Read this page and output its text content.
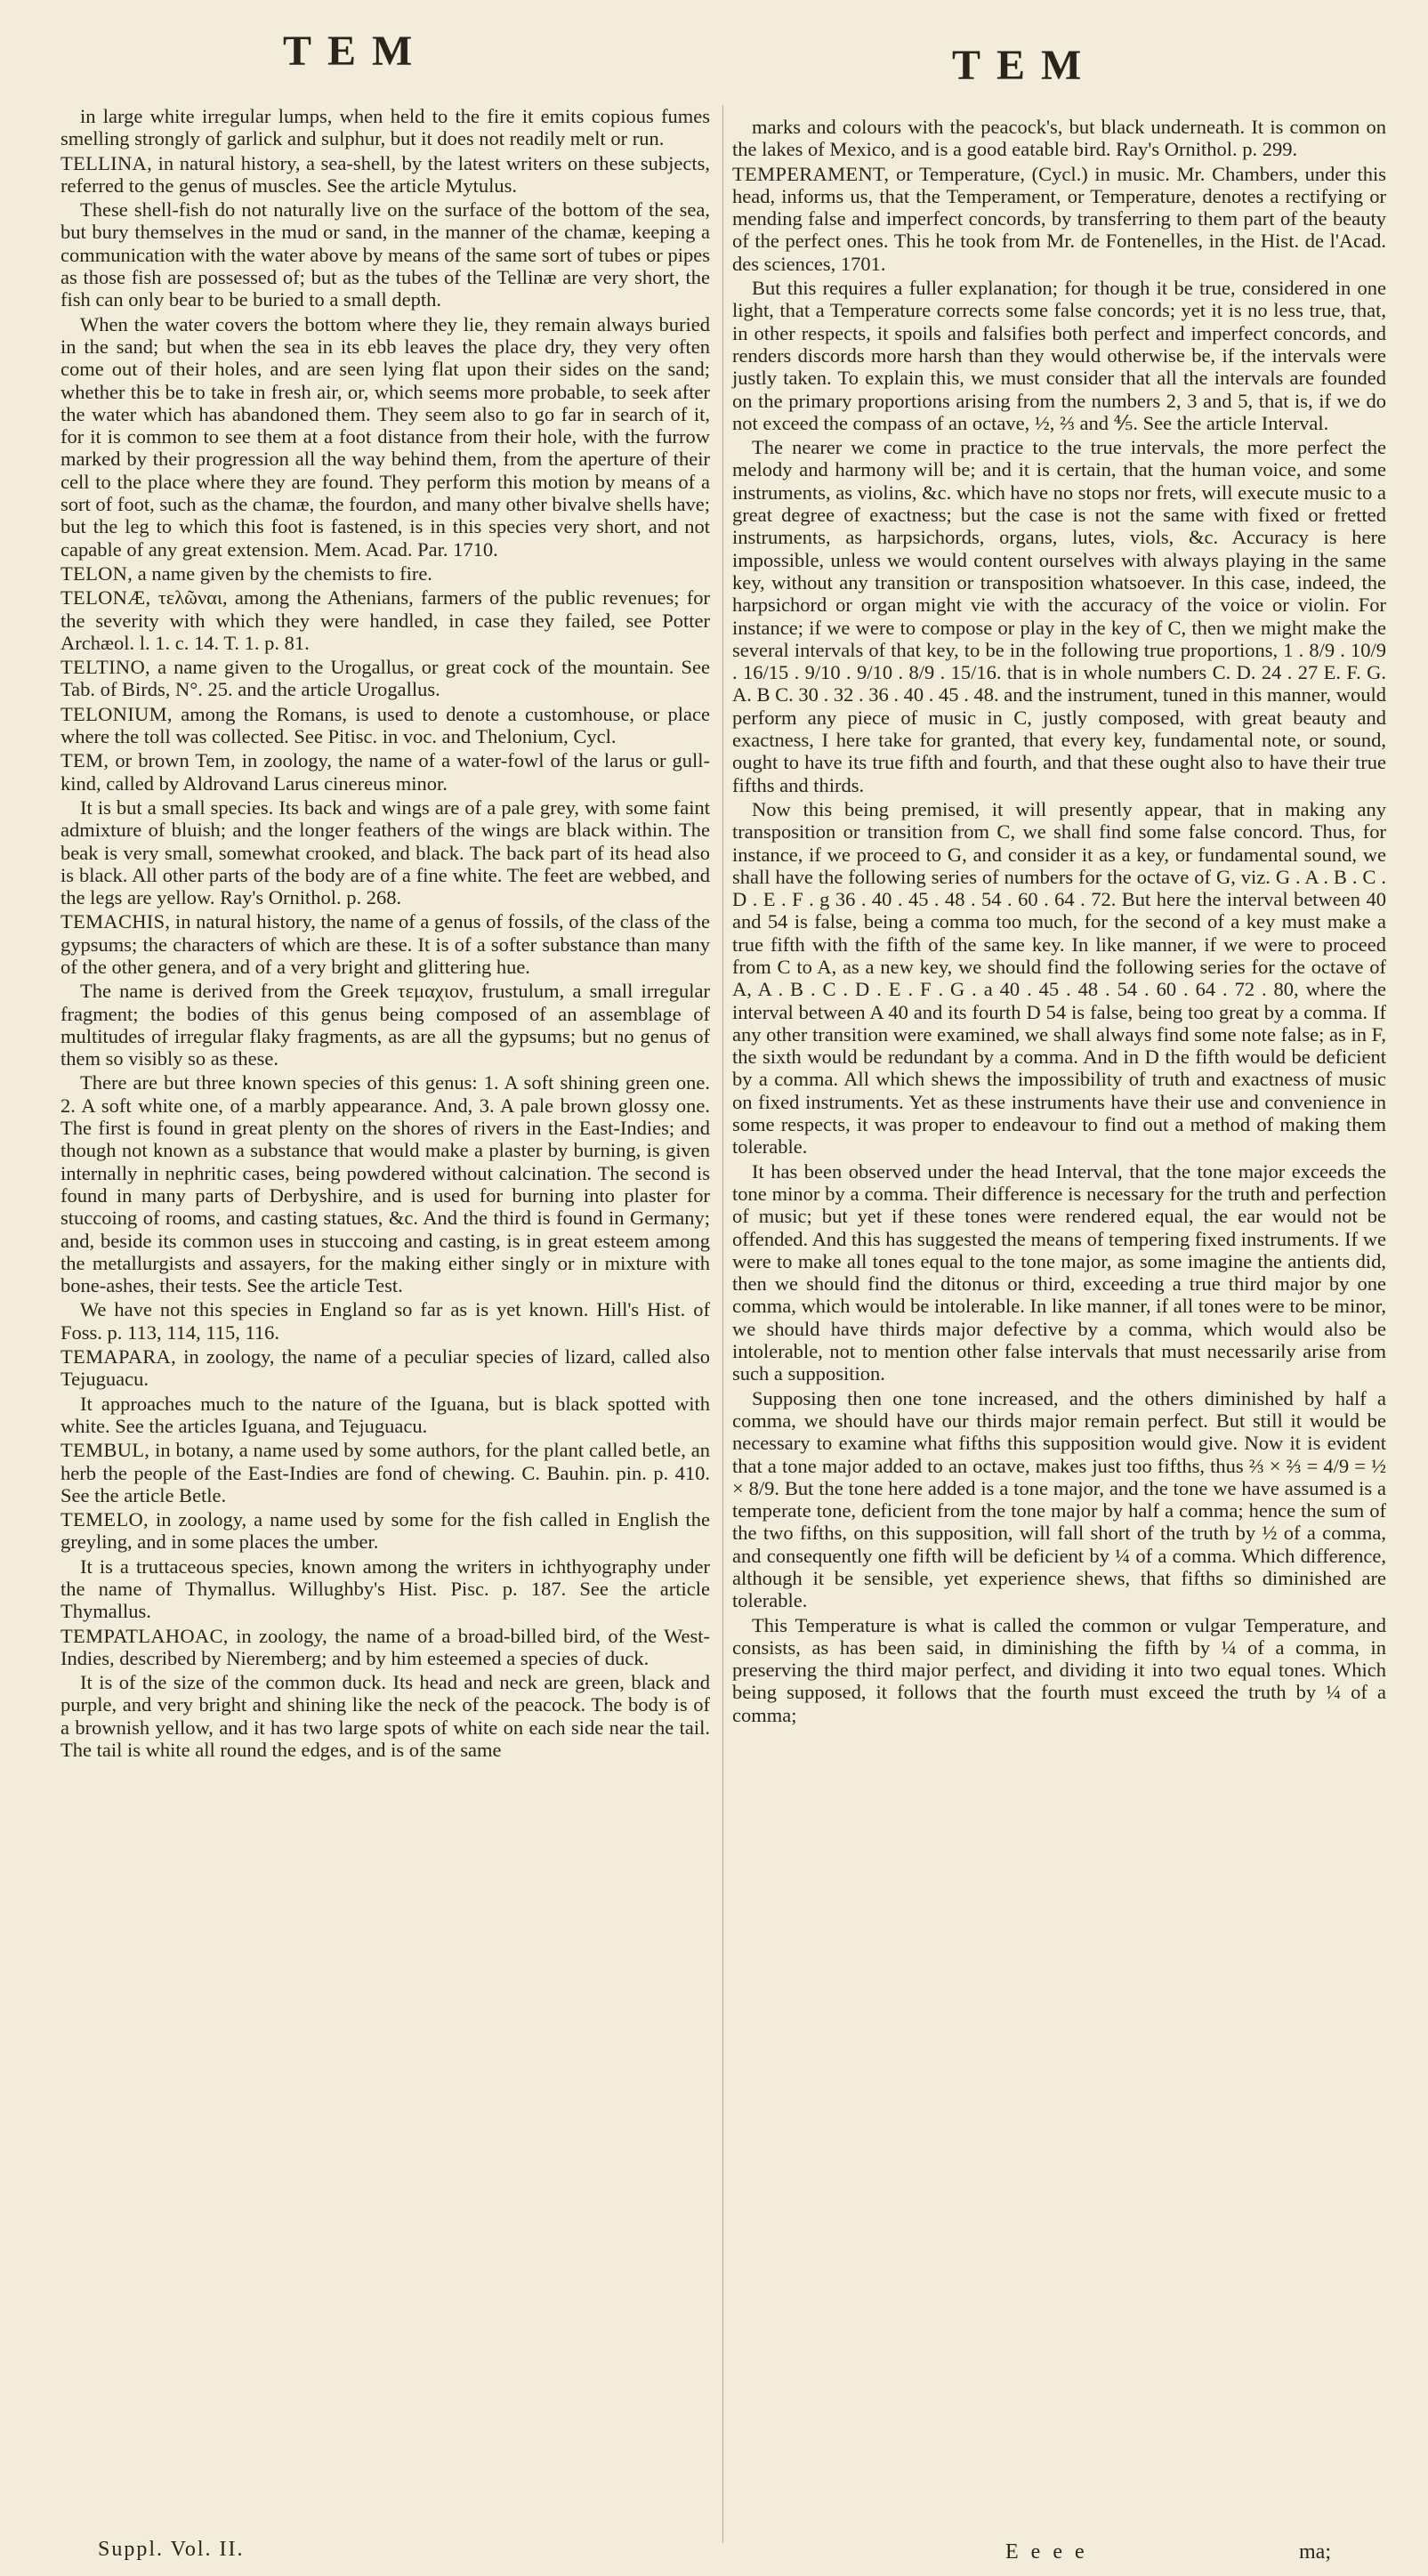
TEM	TEM

in large white irregular lumps, when held to the fire it emits copious fumes smelling strongly of garlick and sulphur, but it does not readily melt or run.

TELLINA, in natural history, a sea-shell, by the latest writers on these subjects, referred to the genus of muscles. See the article Mytulus.

These shell-fish do not naturally live on the surface of the bottom of the sea, but bury themselves in the mud or sand, in the manner of the chamæ, keeping a communication with the water above by means of the same sort of tubes or pipes as those fish are possessed of; but as the tubes of the Tellinæ are very short, the fish can only bear to be buried to a small depth.

When the water covers the bottom where they lie, they remain always buried in the sand; but when the sea in its ebb leaves the place dry, they very often come out of their holes, and are seen lying flat upon their sides on the sand; whether this be to take in fresh air, or, which seems more probable, to seek after the water which has abandoned them. They seem also to go far in search of it, for it is common to see them at a foot distance from their hole, with the furrow marked by their progression all the way behind them, from the aperture of their cell to the place where they are found. They perform this motion by means of a sort of foot, such as the chamæ, the fourdon, and many other bivalve shells have; but the leg to which this foot is fastened, is in this species very short, and not capable of any great extension. Mem. Acad. Par. 1710.

TELON, a name given by the chemists to fire.

TELONÆ, τελῶναι, among the Athenians, farmers of the public revenues; for the severity with which they were handled, in case they failed, see Potter Archæol. l. 1. c. 14. T. 1. p. 81.

TELTINO, a name given to the Urogallus, or great cock of the mountain. See Tab. of Birds, N°. 25. and the article Urogallus.

TELONIUM, among the Romans, is used to denote a customhouse, or place where the toll was collected. See Pitisc. in voc. and Thelonium, Cycl.

TEM, or brown Tem, in zoology, the name of a water-fowl of the larus or gull-kind, called by Aldrovand Larus cinereus minor.

It is but a small species. Its back and wings are of a pale grey, with some faint admixture of bluish; and the longer feathers of the wings are black within. The beak is very small, somewhat crooked, and black. The back part of its head also is black. All other parts of the body are of a fine white. The feet are webbed, and the legs are yellow. Ray's Ornithol. p. 268.

TEMACHIS, in natural history, the name of a genus of fossils, of the class of the gypsums; the characters of which are these. It is of a softer substance than many of the other genera, and of a very bright and glittering hue.

The name is derived from the Greek τεμαχιον, frustulum, a small irregular fragment; the bodies of this genus being composed of an assemblage of multitudes of irregular flaky fragments, as are all the gypsums; but no genus of them so visibly so as these.

There are but three known species of this genus: 1. A soft shining green one. 2. A soft white one, of a marbly appearance. And, 3. A pale brown glossy one. The first is found in great plenty on the shores of rivers in the East-Indies; and though not known as a substance that would make a plaster by burning, is given internally in nephritic cases, being powdered without calcination. The second is found in many parts of Derbyshire, and is used for burning into plaster for stuccoing of rooms, and casting statues, &c. And the third is found in Germany; and, beside its common uses in stuccoing and casting, is in great esteem among the metallurgists and assayers, for the making either singly or in mixture with bone-ashes, their tests. See the article Test.

We have not this species in England so far as is yet known. Hill's Hist. of Foss. p. 113, 114, 115, 116.

TEMAPARA, in zoology, the name of a peculiar species of lizard, called also Tejuguacu.

It approaches much to the nature of the Iguana, but is black spotted with white. See the articles Iguana, and Tejuguacu.

TEMBUL, in botany, a name used by some authors, for the plant called betle, an herb the people of the East-Indies are fond of chewing. C. Bauhin. pin. p. 410. See the article Betle.

TEMELO, in zoology, a name used by some for the fish called in English the greyling, and in some places the umber.

It is a truttaceous species, known among the writers in ichthyography under the name of Thymallus. Willughby's Hist. Pisc. p. 187. See the article Thymallus.

TEMPATLAHOAC, in zoology, the name of a broad-billed bird, of the West-Indies, described by Nieremberg; and by him esteemed a species of duck.

It is of the size of the common duck. Its head and neck are green, black and purple, and very bright and shining like the neck of the peacock. The body is of a brownish yellow, and it has two large spots of white on each side near the tail. The tail is white all round the edges, and is of the same

marks and colours with the peacock's, but black underneath. It is common on the lakes of Mexico, and is a good eatable bird. Ray's Ornithol. p. 299.

TEMPERAMENT, or Temperature, (Cycl.) in music. Mr. Chambers, under this head, informs us, that the Temperament, or Temperature, denotes a rectifying or mending false and imperfect concords, by transferring to them part of the beauty of the perfect ones. This he took from Mr. de Fontenelles, in the Hist. de l'Acad. des sciences, 1701.

But this requires a fuller explanation; for though it be true, considered in one light, that a Temperature corrects some false concords; yet it is no less true, that, in other respects, it spoils and falsifies both perfect and imperfect concords, and renders discords more harsh than they would otherwise be, if the intervals were justly taken. To explain this, we must consider that all the intervals are founded on the primary proportions arising from the numbers 2, 3 and 5, that is, if we do not exceed the compass of an octave, ½, ⅔ and ⅘. See the article Interval.

The nearer we come in practice to the true intervals, the more perfect the melody and harmony will be; and it is certain, that the human voice, and some instruments, as violins, &c. which have no stops nor frets, will execute music to a great degree of exactness; but the case is not the same with fixed or fretted instruments, as harpsichords, organs, lutes, viols, &c. Accuracy is here impossible, unless we would content ourselves with always playing in the same key, without any transition or transposition whatsoever. In this case, indeed, the harpsichord or organ might vie with the accuracy of the voice or violin. For instance; if we were to compose or play in the key of C, then we might make the several intervals of that key, to be in the following true proportions, 1 . 8/9 . 10/9 . 16/15 . 9/10 . 9/10 . 8/9 . 15/16. that is in whole numbers C. D. 24 . 27 E. F. G. A. B C. 30 . 32 . 36 . 40 . 45 . 48. and the instrument, tuned in this manner, would perform any piece of music in C, justly composed, with great beauty and exactness, I here take for granted, that every key, fundamental note, or sound, ought to have its true fifth and fourth, and that these ought also to have their true fifths and thirds.

Now this being premised, it will presently appear, that in making any transposition or transition from C, we shall find some false concord. Thus, for instance, if we proceed to G, and consider it as a key, or fundamental sound, we shall have the following series of numbers for the octave of G, viz. G . A . B . C . D . E . F . g 36 . 40 . 45 . 48 . 54 . 60 . 64 . 72. But here the interval between 40 and 54 is false, being a comma too much, for the second of a key must make a true fifth with the fifth of the same key. In like manner, if we were to proceed from C to A, as a new key, we should find the following series for the octave of A, A . B . C . D . E . F . G . a 40 . 45 . 48 . 54 . 60 . 64 . 72 . 80, where the interval between A 40 and its fourth D 54 is false, being too great by a comma. If any other transition were examined, we shall always find some note false; as in F, the sixth would be redundant by a comma. And in D the fifth would be deficient by a comma. All which shews the impossibility of truth and exactness of music on fixed instruments. Yet as these instruments have their use and convenience in some respects, it was proper to endeavour to find out a method of making them tolerable.

It has been observed under the head Interval, that the tone major exceeds the tone minor by a comma. Their difference is necessary for the truth and perfection of music; but yet if these tones were rendered equal, the ear would not be offended. And this has suggested the means of tempering fixed instruments. If we were to make all tones equal to the tone major, as some imagine the antients did, then we should find the ditonus or third, exceeding a true third major by one comma, which would be intolerable. In like manner, if all tones were to be minor, we should have thirds major defective by a comma, which would also be intolerable, not to mention other false intervals that must necessarily arise from such a supposition.

Supposing then one tone increased, and the others diminished by half a comma, we should have our thirds major remain perfect. But still it would be necessary to examine what fifths this supposition would give. Now it is evident that a tone major added to an octave, makes just too fifths, thus ⅔ × ⅔ = 4/9 = ½ × 8/9. But the tone here added is a tone major, and the tone we have assumed is a temperate tone, deficient from the tone major by half a comma; hence the sum of the two fifths, on this supposition, will fall short of the truth by ½ of a comma, and consequently one fifth will be deficient by ¼ of a comma. Which difference, although it be sensible, yet experience shews, that fifths so diminished are tolerable.

This Temperature is what is called the common or vulgar Temperature, and consists, as has been said, in diminishing the fifth by ¼ of a comma, in preserving the third major perfect, and dividing it into two equal tones. Which being supposed, it follows that the fourth must exceed the truth by ¼ of a comma;

Suppl. Vol. II.	E e e e	ma;
